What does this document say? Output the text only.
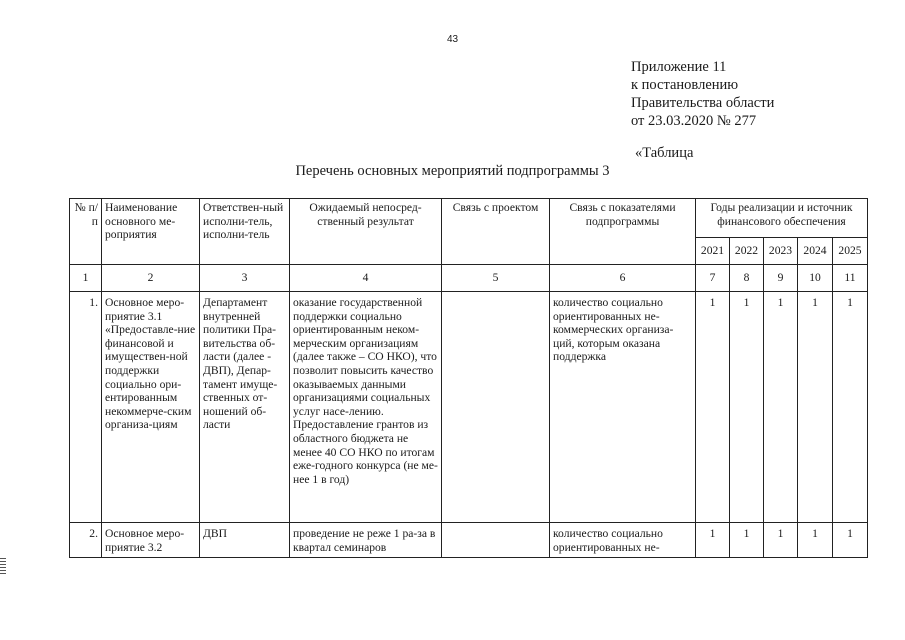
43
Приложение 11
к постановлению
Правительства области
от 23.03.2020 № 277
«Таблица
Перечень основных мероприятий подпрограммы 3
№ п/п	Наименование основного ме-роприятия	Ответствен-ный исполни-тель, исполни-тель	Ожидаемый непосред-ственный результат	Связь с проектом	Связь с показателями подпрограммы	Годы реализации и источник финансового обеспечения				
						2021	2022	2023	2024	2025
1	2	3	4	5	6	7	8	9	10	11
1.	Основное меро-приятие 3.1 «Предоставле-ние финансовой и имуществен-ной поддержки социально ори-ентированным некоммерче-ским организа-циям	Департамент внутренней политики Пра-вительства об-ласти (далее - ДВП), Депар-тамент имуще-ственных от-ношений об-ласти	оказание государственной поддержки социально ориентированным неком-мерческим организациям (далее также – СО НКО), что позволит повысить качество оказываемых данными организациями социальных услуг насе-лению. Предоставление грантов из областного бюджета не менее 40 СО НКО по итогам еже-годного конкурса (не ме-нее 1 в год)		количество социально ориентированных не-коммерческих организа-ций, которым оказана поддержка	1	1	1	1	1
2.	Основное меро-приятие 3.2	ДВП	проведение не реже 1 ра-за в квартал семинаров		количество социально ориентированных не-	1	1	1	1	1
